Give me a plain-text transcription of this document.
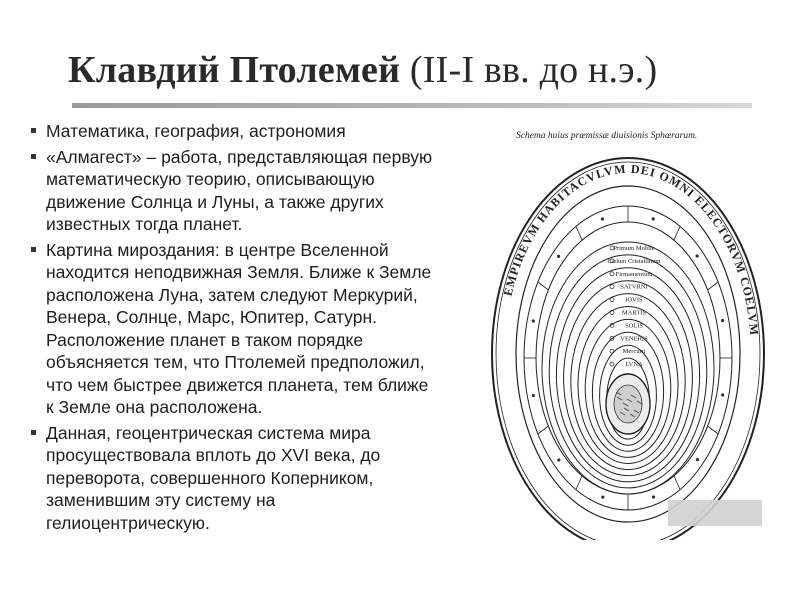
Клавдий Птолемей (II-I вв. до н.э.)
Математика, география, астрономия
«Алмагест» – работа, представляющая первую
математическую теорию, описывающую
движение Солнца и Луны, а также других
известных тогда планет.
Картина мироздания: в центре Вселенной
находится неподвижная Земля. Ближе к Земле
расположена Луна, затем следуют Меркурий,
Венера, Солнце, Марс, Юпитер, Сатурн.
Расположение планет в таком порядке
объясняется тем, что Птолемей предположил,
что чем быстрее движется планета, тем ближе
к Земле она расположена.
Данная, геоцентрическая система мира
просуществовала вплоть до XVI века, до
переворота, совершенного Коперником,
заменившим эту систему на
гелиоцентрическую.
EMPIREVM HABITACVLVM DEI OMNI ELECTORVM COELVM
Primum Mobile
Cælum Cristallinum
Firmamentum
SATVRNI
IOVIS
MARTIS
SOLIS
VENERIS
Mercurii
LVNA
Schema huius præmissæ diuisionis Sphærarum.
